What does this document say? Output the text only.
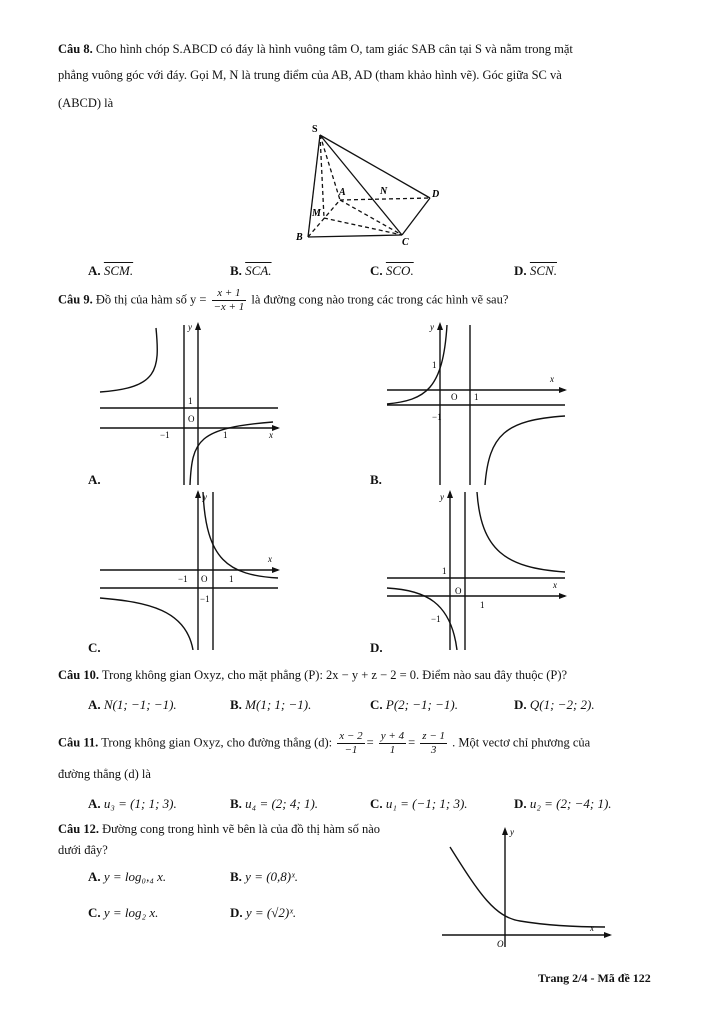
Câu 8. Cho hình chóp S.ABCD có đáy là hình vuông tâm O, tam giác SAB cân tại S và nằm trong mặt
phẳng vuông góc với đáy. Gọi M, N là trung điểm của AB, AD (tham khảo hình vẽ). Góc giữa SC và
(ABCD) là
S
A	N	D
M
B	C
A. SCM.	B. SCA.	C. SCO.	D. SCN.
Câu 9. Đồ thị của hàm số $y = \frac{x + 1}{-x + 1}$ là đường cong nào trong các trong các hình vẽ sau?
y
x
O
1
−1	1
A.
y
x
O
1
−1
1
B.
y
x
O 1
−1
−1
C.
y
x
O
1
−1
1
D.
Câu 10. Trong không gian Oxyz, cho mặt phẳng (P): 2x − y + z − 2 = 0. Điểm nào sau đây thuộc (P)?
A. N(1; −1; −1).	B. M(1; 1; −1).	C. P(2; −1; −1).	D. Q(1; −2; 2).
Câu 11. Trong không gian Oxyz, cho đường thẳng (d): $\frac{x - 2}{-1} = \frac{y + 4}{1} = \frac{z - 1}{3}$ . Một vectơ chỉ phương của
đường thẳng (d) là
A. u₃ = (1; 1; 3).	B. u₄ = (2; 4; 1).	C. u₁ = (−1; 1; 3).	D. u₂ = (2; −4; 1).
Câu 12. Đường cong trong hình vẽ bên là của đồ thị hàm số nào
dưới đây?
A. y = log₀,₄ x.	B. y = (0,8)ˣ.
C. y = log₂ x.	D. y = (√2)ˣ.
y
x
O
Trang 2/4 - Mã đề 122
